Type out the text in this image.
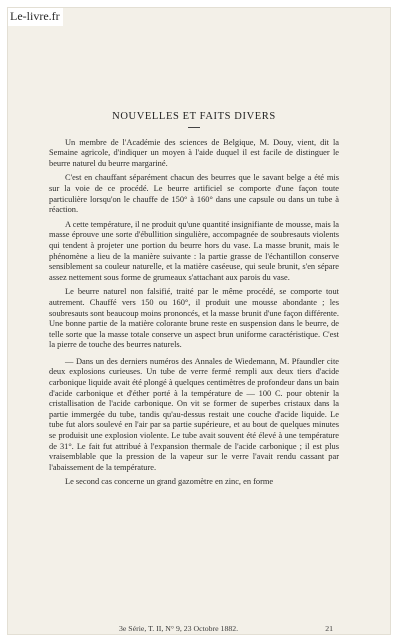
Le-livre.fr
NOUVELLES ET FAITS DIVERS

Un membre de l'Académie des sciences de Belgique, M. Douy, vient, dit la Semaine agricole, d'indiquer un moyen à l'aide duquel il est facile de distinguer le beurre naturel du beurre margariné.

C'est en chauffant séparément chacun des beurres que le savant belge a été mis sur la voie de ce procédé. Le beurre artificiel se comporte d'une façon toute particulière lorsqu'on le chauffe de 150° à 160° dans une capsule ou dans un tube à réaction.

A cette température, il ne produit qu'une quantité insignifiante de mousse, mais la masse éprouve une sorte d'ébullition singulière, accompagnée de soubresauts violents qui tendent à projeter une portion du beurre hors du vase. La masse brunit, mais le phénomène a lieu de la manière suivante : la partie grasse de l'échantillon conserve sensiblement sa couleur naturelle, et la matière caséeuse, qui seule brunit, s'en sépare assez nettement sous forme de grumeaux s'attachant aux parois du vase.

Le beurre naturel non falsifié, traité par le même procédé, se comporte tout autrement. Chauffé vers 150 ou 160°, il produit une mousse abondante ; les soubresauts sont beaucoup moins prononcés, et la masse brunit d'une façon différente. Une bonne partie de la matière colorante brune reste en suspension dans le beurre, de telle sorte que la masse totale conserve un aspect brun uniforme caractéristique. C'est la pierre de touche des beurres naturels.

— Dans un des derniers numéros des Annales de Wiedemann, M. Pfaundler cite deux explosions curieuses. Un tube de verre fermé rempli aux deux tiers d'acide carbonique liquide avait été plongé à quelques centimètres de profondeur dans un bain d'acide carbonique et d'éther porté à la température de — 100 C. pour obtenir la cristallisation de l'acide carbonique. On vit se former de superbes cristaux dans la partie immergée du tube, tandis qu'au-dessus restait une couche d'acide liquide. Le tube fut alors soulevé en l'air par sa partie supérieure, et au bout de quelques minutes se produisit une explosion violente. Le tube avait souvent été élevé à une température de 31°. Le fait fut attribué à l'expansion thermale de l'acide carbonique ; il est plus vraisemblable que la pression de la vapeur sur le verre l'avait rendu cassant par l'abaissement de la température.

Le second cas concerne un grand gazomètre en zinc, en forme

3e Série, T. II, N° 9, 23 Octobre 1882.	21
